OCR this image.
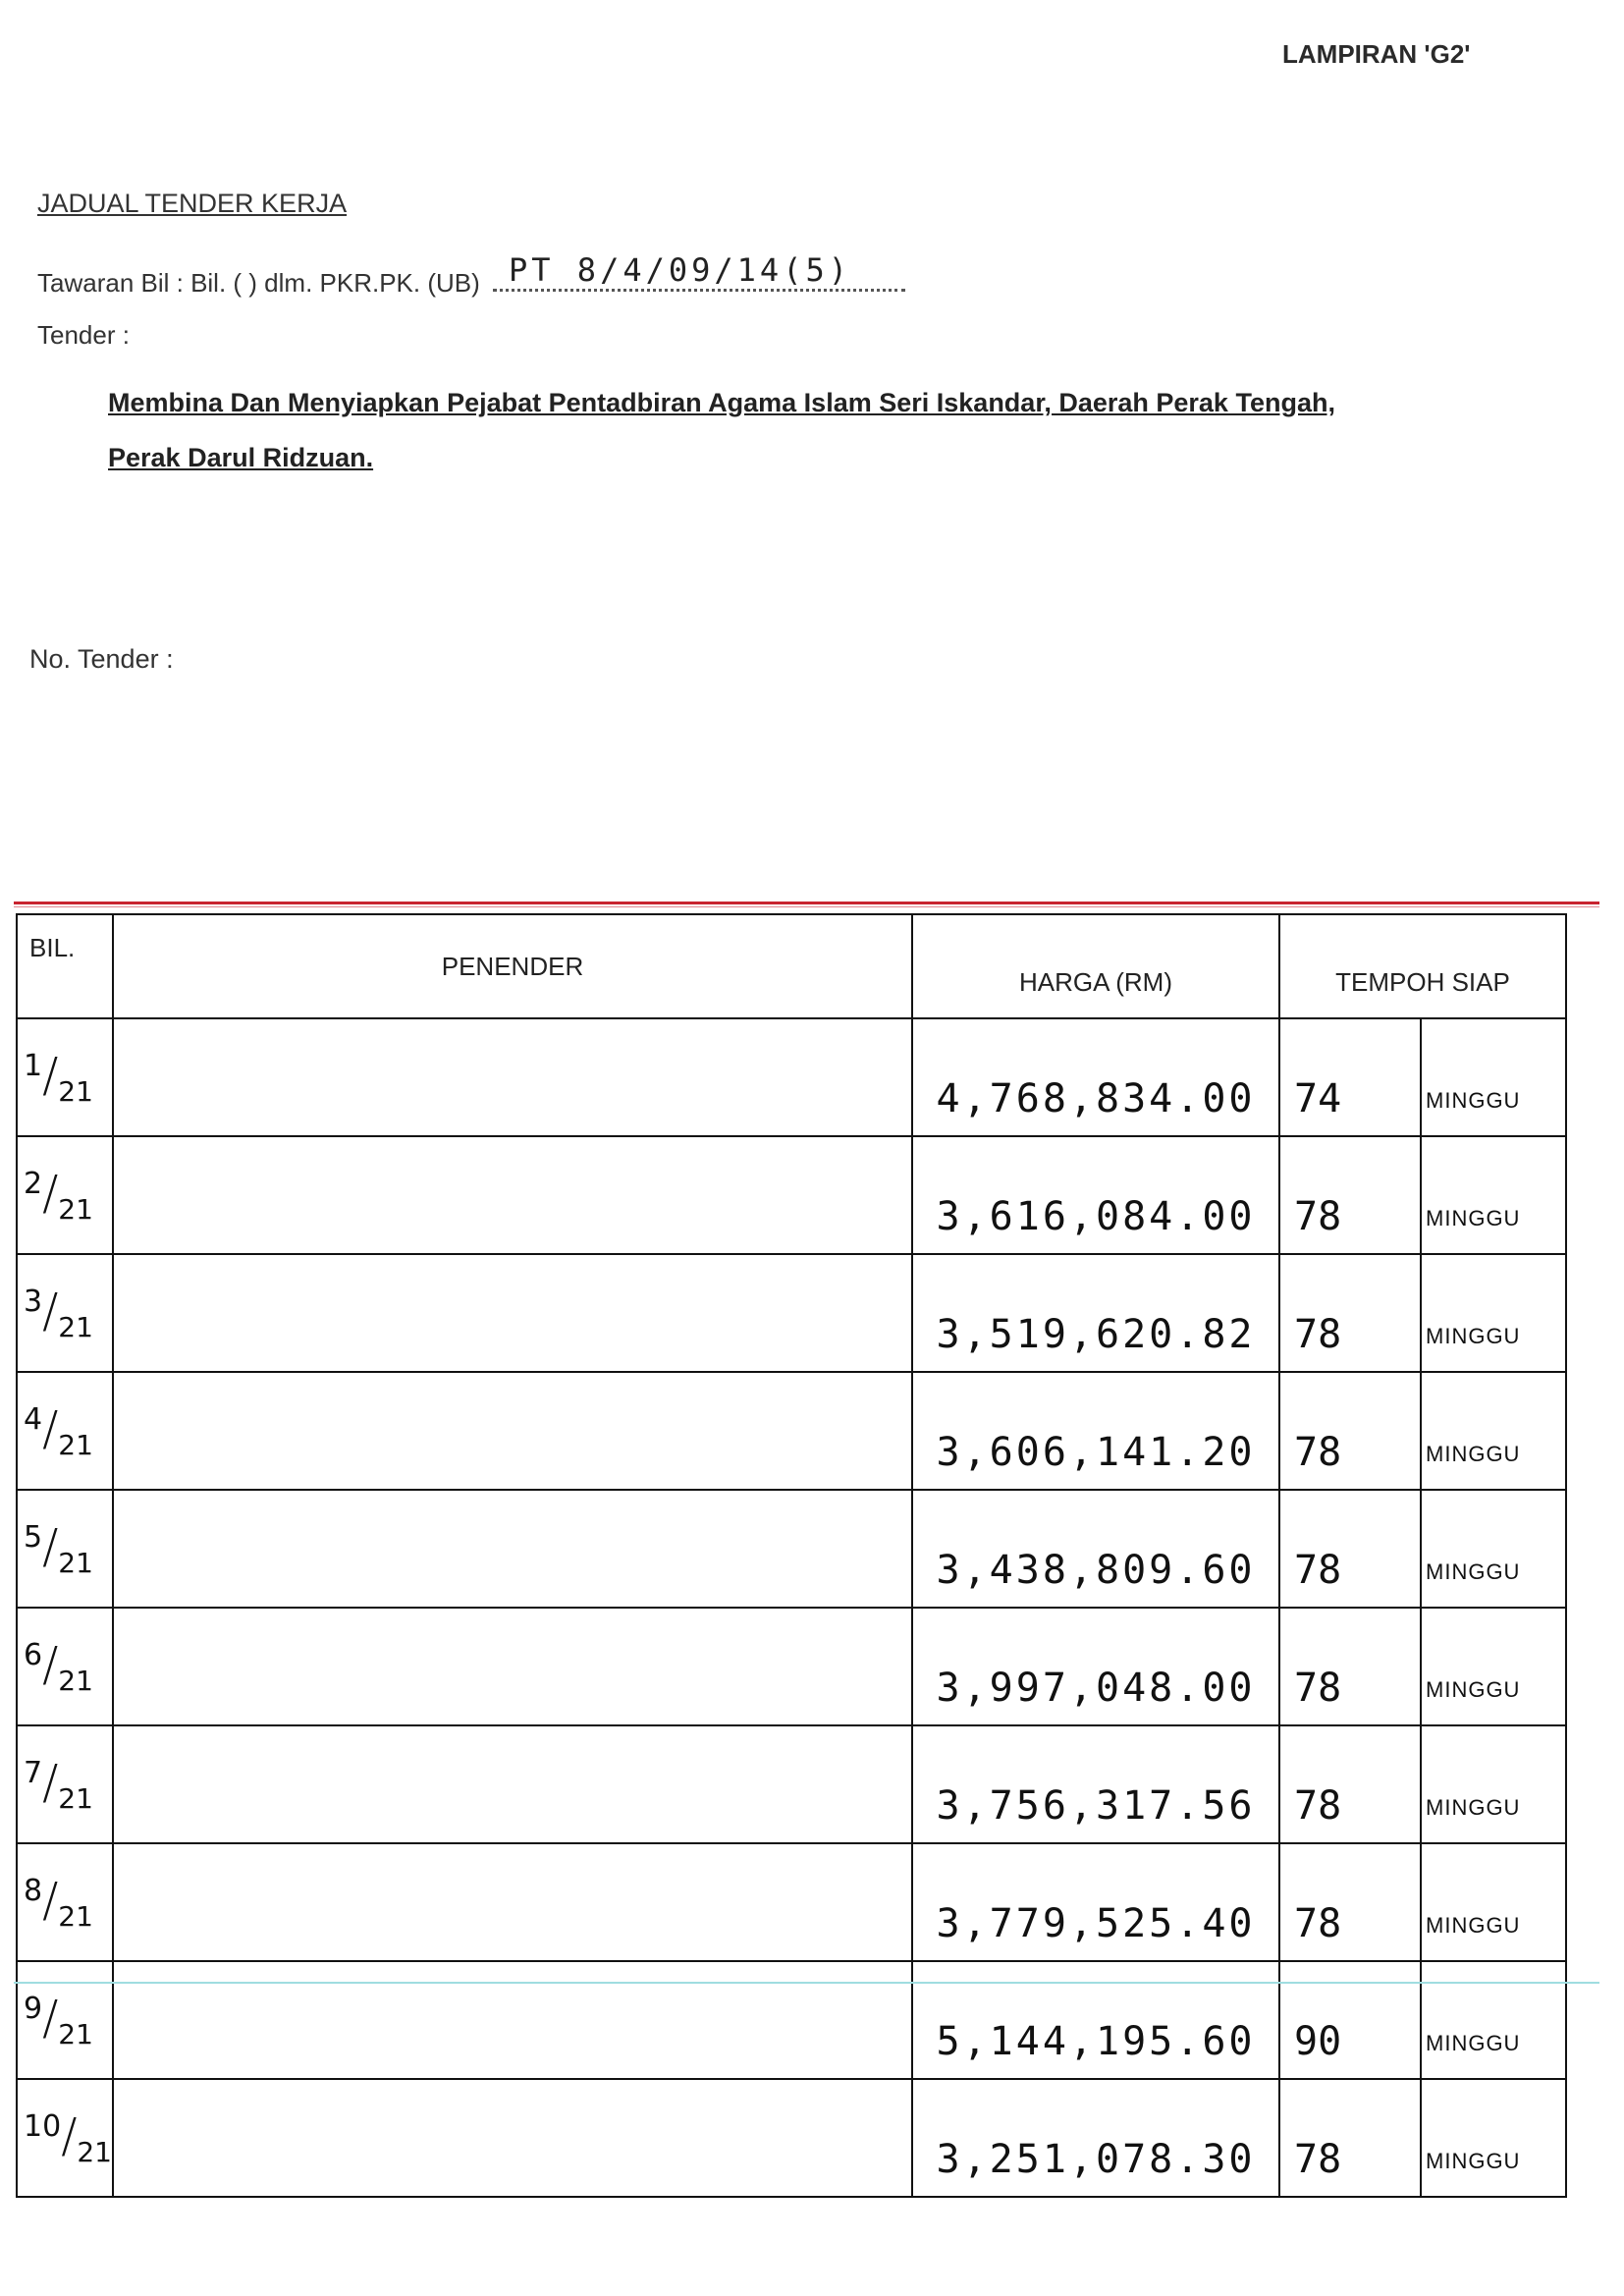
LAMPIRAN 'G2'
JADUAL TENDER KERJA
Tawaran Bil : Bil. ( ) dlm. PKR.PK. (UB) PT 8/4/09/14(5)
Tender :
Membina Dan Menyiapkan Pejabat Pentadbiran Agama Islam Seri Iskandar, Daerah Perak Tengah, Perak Darul Ridzuan.
No. Tender :
BIL.	PENENDER	HARGA (RM)	TEMPOH SIAP	
$^1/_{21}$		4,768,834.00	74	MINGGU
$^2/_{21}$		3,616,084.00	78	MINGGU
$^3/_{21}$		3,519,620.82	78	MINGGU
$^4/_{21}$		3,606,141.20	78	MINGGU
$^5/_{21}$		3,438,809.60	78	MINGGU
$^6/_{21}$		3,997,048.00	78	MINGGU
$^7/_{21}$		3,756,317.56	78	MINGGU
$^8/_{21}$		3,779,525.40	78	MINGGU
$^9/_{21}$		5,144,195.60	90	MINGGU
$^{10}/_{21}$		3,251,078.30	78	MINGGU
